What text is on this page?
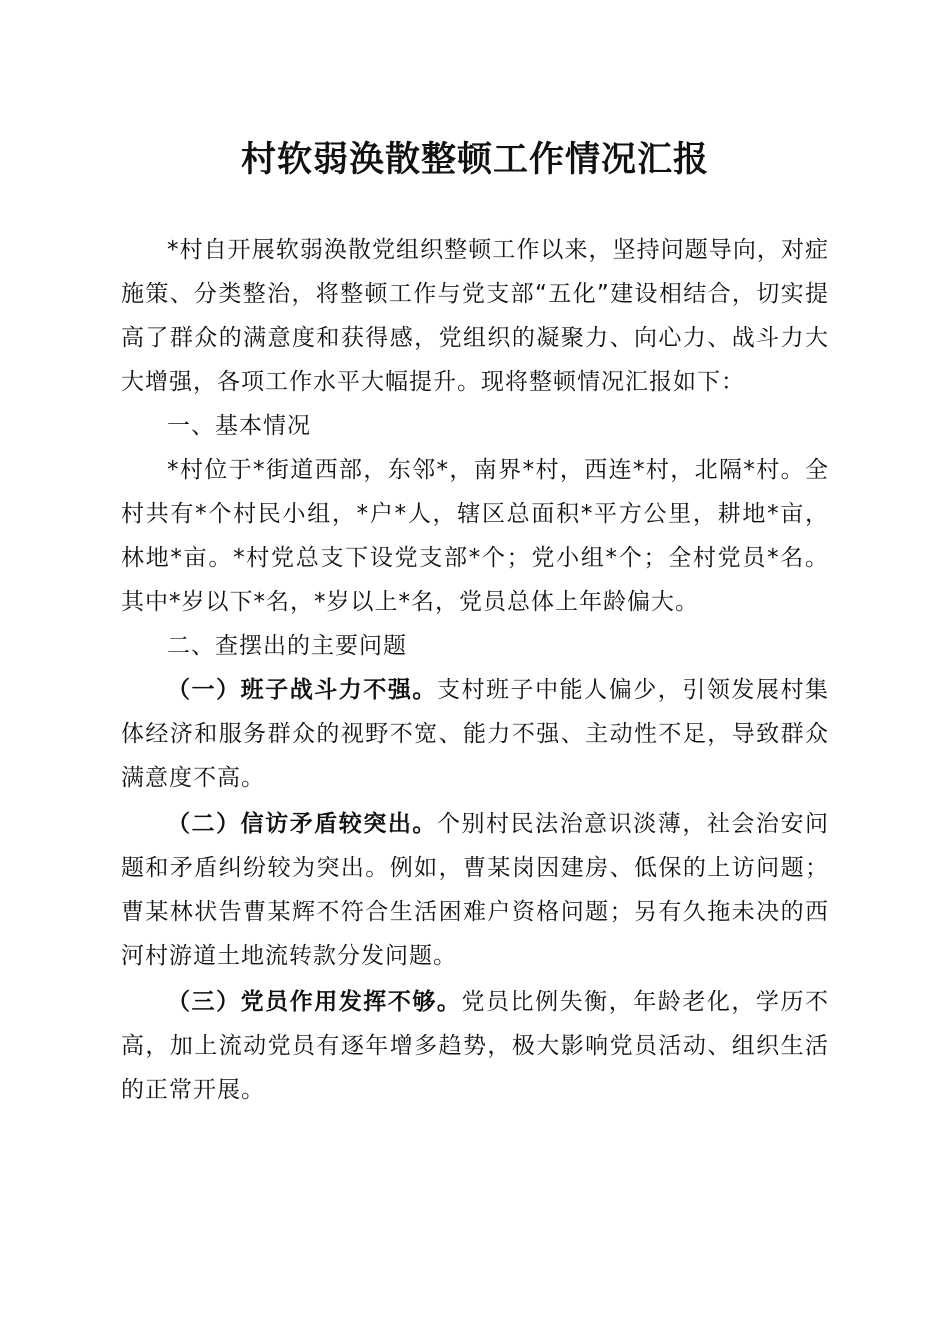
村软弱涣散整顿工作情况汇报

*村自开展软弱涣散党组织整顿工作以来，坚持问题导向，对症施策、分类整治，将整顿工作与党支部“五化”建设相结合，切实提高了群众的满意度和获得感，党组织的凝聚力、向心力、战斗力大大增强，各项工作水平大幅提升。现将整顿情况汇报如下：

一、基本情况

*村位于*街道西部，东邻*，南界*村，西连*村，北隔*村。全村共有*个村民小组，*户*人，辖区总面积*平方公里，耕地*亩，林地*亩。*村党总支下设党支部*个；党小组*个；全村党员*名。其中*岁以下*名，*岁以上*名，党员总体上年龄偏大。

二、查摆出的主要问题

（一）班子战斗力不强。支村班子中能人偏少，引领发展村集体经济和服务群众的视野不宽、能力不强、主动性不足，导致群众满意度不高。

（二）信访矛盾较突出。个别村民法治意识淡薄，社会治安问题和矛盾纠纷较为突出。例如，曹某岗因建房、低保的上访问题；曹某林状告曹某辉不符合生活困难户资格问题；另有久拖未决的西河村游道土地流转款分发问题。

（三）党员作用发挥不够。党员比例失衡，年龄老化，学历不高，加上流动党员有逐年增多趋势，极大影响党员活动、组织生活的正常开展。
